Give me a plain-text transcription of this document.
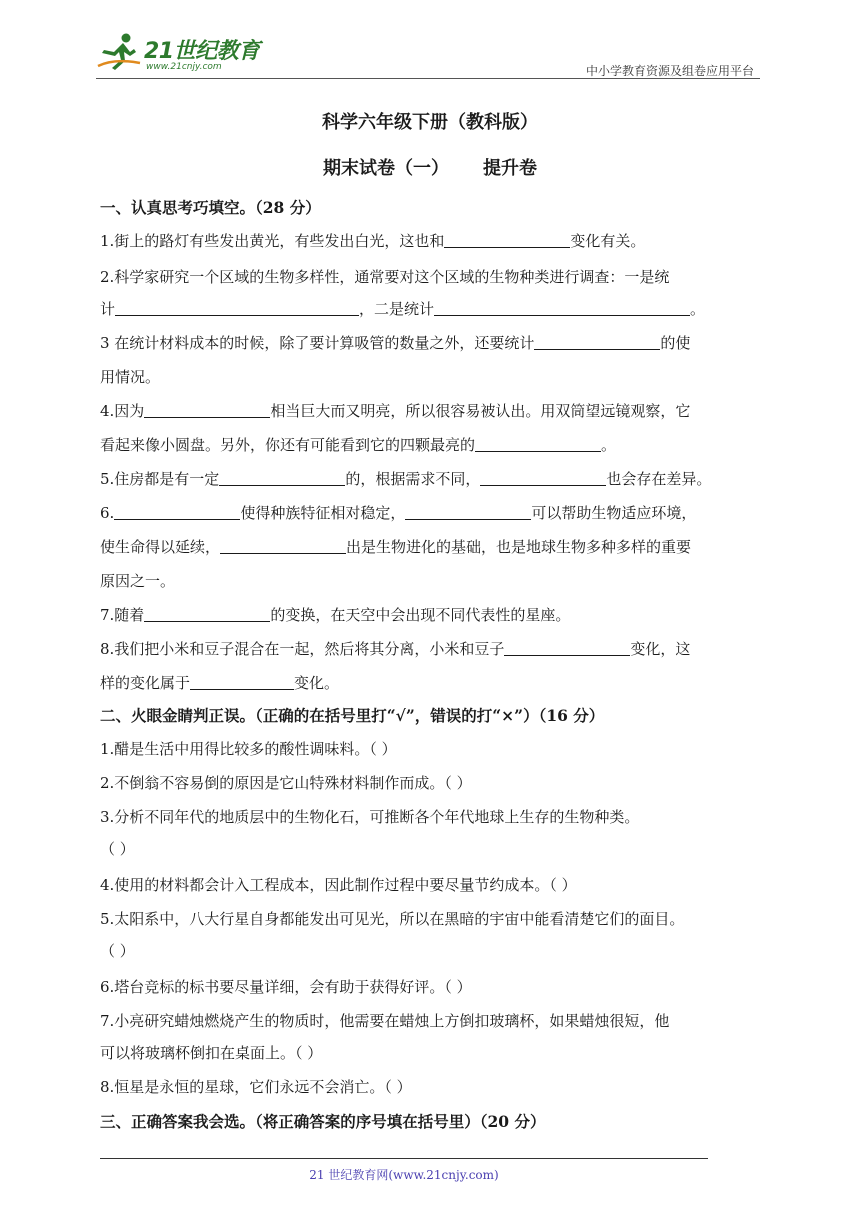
21世纪教育
www.21cnjy.com	中小学教育资源及组卷应用平台
科学六年级下册（教科版）
期末试卷（一） 提升卷
一、认真思考巧填空。（28 分）
1.街上的路灯有些发出黄光，有些发出白光，这也和	变化有关。
2.科学家研究一个区域的生物多样性，通常要对这个区域的生物种类进行调查：一是统
计	，二是统计	。
3 在统计材料成本的时候，除了要计算吸管的数量之外，还要统计	的使
用情况。
4.因为	相当巨大而又明亮，所以很容易被认出。用双筒望远镜观察，它
看起来像小圆盘。另外，你还有可能看到它的四颗最亮的	。
5.住房都是有一定	的，根据需求不同，	也会存在差异。
6.	使得种族特征相对稳定，	可以帮助生物适应环境，
使生命得以延续，	出是生物进化的基础，也是地球生物多种多样的重要
原因之一。
7.随着	的变换，在天空中会出现不同代表性的星座。
8.我们把小米和豆子混合在一起，然后将其分离，小米和豆子	变化，这
样的变化属于	变化。
二、火眼金睛判正误。（正确的在括号里打“√”，错误的打“×”）（16 分）
1.醋是生活中用得比较多的酸性调味料。（ ）
2.不倒翁不容易倒的原因是它山特殊材料制作而成。（ ）
3.分析不同年代的地质层中的生物化石，可推断各个年代地球上生存的生物种类。
（ ）
4.使用的材料都会计入工程成本，因此制作过程中要尽量节约成本。（ ）
5.太阳系中，八大行星自身都能发出可见光，所以在黑暗的宇宙中能看清楚它们的面目。
（ ）
6.塔台竞标的标书要尽量详细，会有助于获得好评。（ ）
7.小亮研究蜡烛燃烧产生的物质时，他需要在蜡烛上方倒扣玻璃杯，如果蜡烛很短，他
可以将玻璃杯倒扣在桌面上。（ ）
8.恒星是永恒的星球，它们永远不会消亡。（ ）
三、正确答案我会选。（将正确答案的序号填在括号里）（20 分）
21 世纪教育网(www.21cnjy.com)
